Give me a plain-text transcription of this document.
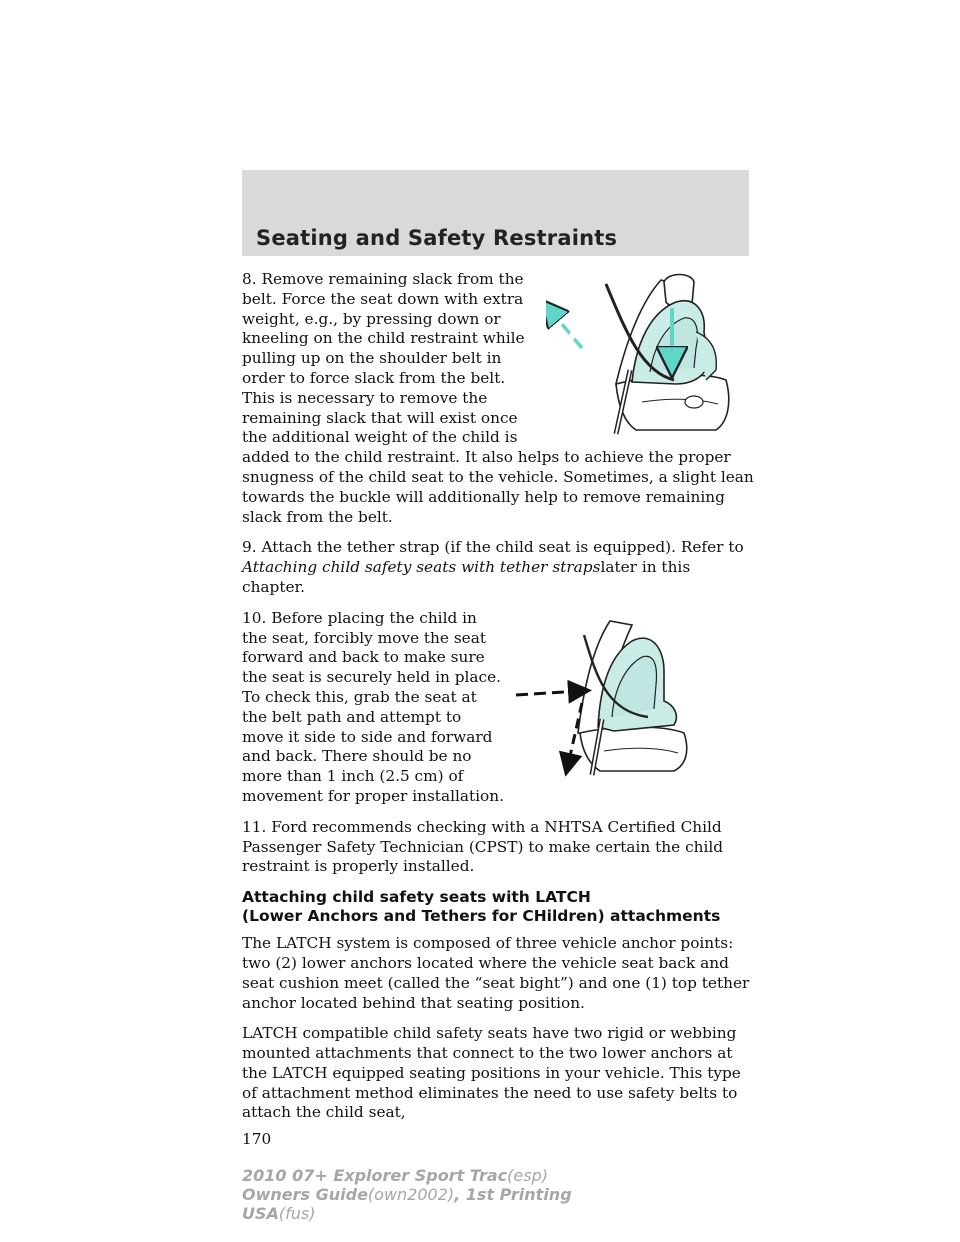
Seating and Safety Restraints

8. Remove remaining slack from the belt. Force the seat down with extra weight, e.g., by pressing down or kneeling on the child restraint while pulling up on the shoulder belt in order to force slack from the belt. This is necessary to remove the remaining slack that will exist once the additional weight of the child is added to the child restraint. It also helps to achieve the proper snugness of the child seat to the vehicle. Sometimes, a slight lean towards the buckle will additionally help to remove remaining slack from the belt.

9. Attach the tether strap (if the child seat is equipped). Refer to Attaching child safety seats with tether strapslater in this chapter.

10. Before placing the child in the seat, forcibly move the seat forward and back to make sure the seat is securely held in place. To check this, grab the seat at the belt path and attempt to move it side to side and forward and back. There should be no more than 1 inch (2.5 cm) of movement for proper installation.

11. Ford recommends checking with a NHTSA Certified Child Passenger Safety Technician (CPST) to make certain the child restraint is properly installed.

Attaching child safety seats with LATCH
(Lower Anchors and Tethers for CHildren) attachments

The LATCH system is composed of three vehicle anchor points: two (2) lower anchors located where the vehicle seat back and seat cushion meet (called the “seat bight”) and one (1) top tether anchor located behind that seating position.

LATCH compatible child safety seats have two rigid or webbing mounted attachments that connect to the two lower anchors at the LATCH equipped seating positions in your vehicle. This type of attachment method eliminates the need to use safety belts to attach the child seat,

170
2010 07+ Explorer Sport Trac(esp)
Owners Guide(own2002), 1st Printing
USA(fus)
